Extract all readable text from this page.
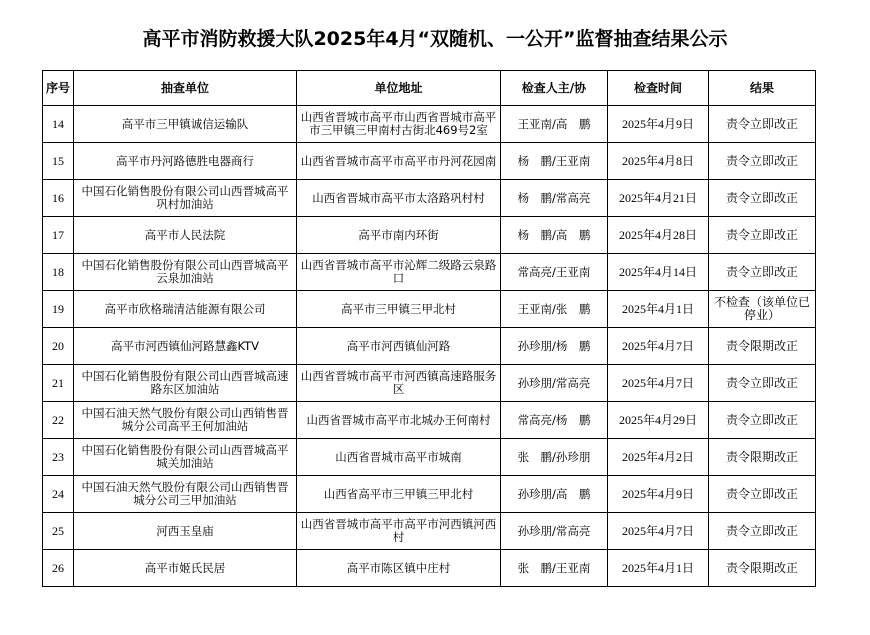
高平市消防救援大队2025年4月“双随机、一公开”监督抽查结果公示
序号	抽查单位	单位地址	检查人主/协	检查时间	结果
14	高平市三甲镇诚信运输队	山西省晋城市高平市山西省晋城市高平市三甲镇三甲南村古街北469号2室	王亚南/高　鹏	2025年4月9日	责令立即改正
15	高平市丹河路德胜电器商行	山西省晋城市高平市高平市丹河花园南	杨　鹏/王亚南	2025年4月8日	责令立即改正
16	中国石化销售股份有限公司山西晋城高平巩村加油站	山西省晋城市高平市太洛路巩村村	杨　鹏/常高亮	2025年4月21日	责令立即改正
17	高平市人民法院	高平市南内环街	杨　鹏/高　鹏	2025年4月28日	责令立即改正
18	中国石化销售股份有限公司山西晋城高平云泉加油站	山西省晋城市高平市沁辉二级路云泉路口	常高亮/王亚南	2025年4月14日	责令立即改正
19	高平市欣格瑞清洁能源有限公司	高平市三甲镇三甲北村	王亚南/张　鹏	2025年4月1日	不检查（该单位已停业）
20	高平市河西镇仙河路慧鑫KTV	高平市河西镇仙河路	孙珍朋/杨　鹏	2025年4月7日	责令限期改正
21	中国石化销售股份有限公司山西晋城高速路东区加油站	山西省晋城市高平市河西镇高速路服务区	孙珍朋/常高亮	2025年4月7日	责令立即改正
22	中国石油天然气股份有限公司山西销售晋城分公司高平王何加油站	山西省晋城市高平市北城办王何南村	常高亮/杨　鹏	2025年4月29日	责令立即改正
23	中国石化销售股份有限公司山西晋城高平城关加油站	山西省晋城市高平市城南	张　鹏/孙珍朋	2025年4月2日	责令限期改正
24	中国石油天然气股份有限公司山西销售晋城分公司三甲加油站	山西省高平市三甲镇三甲北村	孙珍朋/高　鹏	2025年4月9日	责令立即改正
25	河西玉皇庙	山西省晋城市高平市高平市河西镇河西村	孙珍朋/常高亮	2025年4月7日	责令立即改正
26	高平市姬氏民居	高平市陈区镇中庄村	张　鹏/王亚南	2025年4月1日	责令限期改正
